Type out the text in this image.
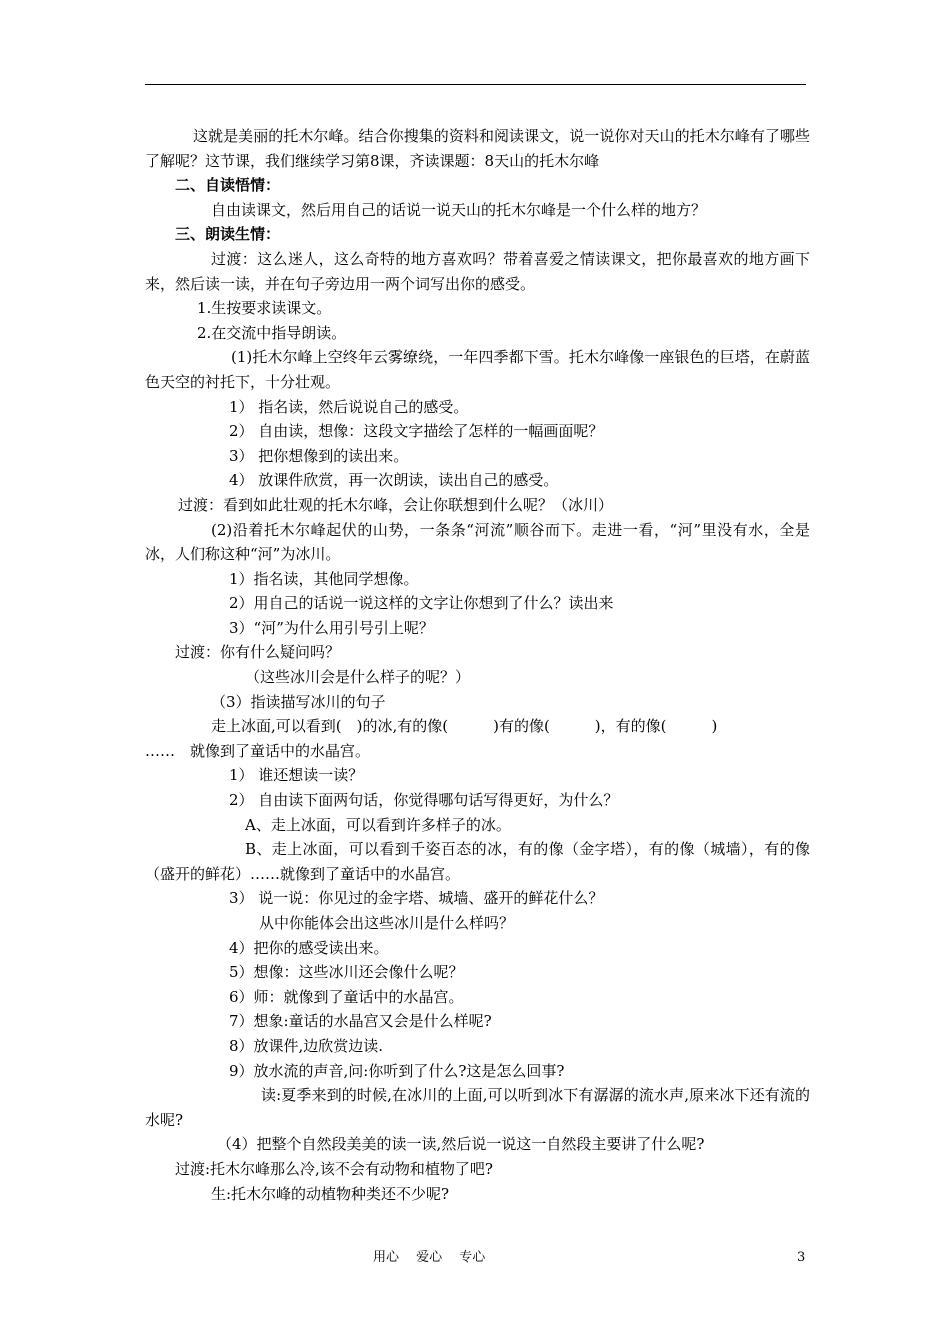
这就是美丽的托木尔峰。结合你搜集的资料和阅读课文，说一说你对天山的托木尔峰有了哪些了解呢？这节课，我们继续学习第8课，齐读课题：8天山的托木尔峰

二、自读悟情：

自由读课文，然后用自己的话说一说天山的托木尔峰是一个什么样的地方？

三、朗读生情：

过渡：这么迷人，这么奇特的地方喜欢吗？带着喜爱之情读课文，把你最喜欢的地方画下来，然后读一读，并在句子旁边用一两个词写出你的感受。

1.生按要求读课文。

2.在交流中指导朗读。

(1)托木尔峰上空终年云雾缭绕，一年四季都下雪。托木尔峰像一座银色的巨塔，在蔚蓝色天空的衬托下，十分壮观。

1） 指名读，然后说说自己的感受。

2） 自由读，想像：这段文字描绘了怎样的一幅画面呢？

3） 把你想像到的读出来。

4） 放课件欣赏，再一次朗读，读出自己的感受。

过渡：看到如此壮观的托木尔峰，会让你联想到什么呢？（冰川）

(2)沿着托木尔峰起伏的山势，一条条“河流”顺谷而下。走进一看，“河”里没有水，全是冰，人们称这种“河”为冰川。

1）指名读，其他同学想像。

2）用自己的话说一说这样的文字让你想到了什么？读出来

3）“河”为什么用引号引上呢？

过渡：你有什么疑问吗？

（这些冰川会是什么样子的呢？）

（3）指读描写冰川的句子

走上冰面,可以看到(　)的冰,有的像(　　　)有的像(　　　)，有的像(　　　)

……　就像到了童话中的水晶宫。

1） 谁还想读一读？

2） 自由读下面两句话，你觉得哪句话写得更好，为什么？

A、走上冰面，可以看到许多样子的冰。

B、走上冰面，可以看到千姿百态的冰，有的像（金字塔），有的像（城墙），有的像（盛开的鲜花）……就像到了童话中的水晶宫。

3） 说一说：你见过的金字塔、城墙、盛开的鲜花什么？

从中你能体会出这些冰川是什么样吗？

4）把你的感受读出来。

5）想像：这些冰川还会像什么呢？

6）师：就像到了童话中的水晶宫。

7）想象:童话的水晶宫又会是什么样呢?

8）放课件,边欣赏边读.

9）放水流的声音,问:你听到了什么?这是怎么回事?

读:夏季来到的时候,在冰川的上面,可以听到冰下有潺潺的流水声,原来冰下还有流的水呢?

（4）把整个自然段美美的读一读,然后说一说这一自然段主要讲了什么呢?

过渡:托木尔峰那么冷,该不会有动物和植物了吧?

生:托木尔峰的动植物种类还不少呢?

用心　 爱心　 专心	3
